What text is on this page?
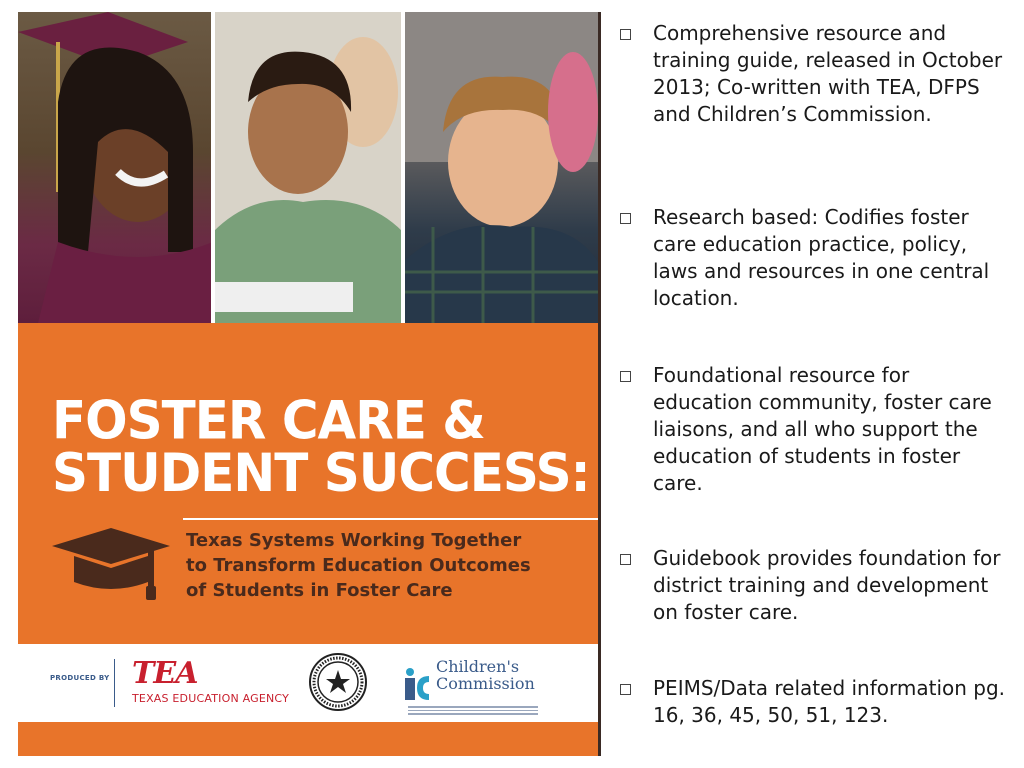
FOSTER CARE &
STUDENT SUCCESS:
Texas Systems Working Together
to Transform Education Outcomes
of Students in Foster Care
PRODUCED BY TEA
TEXAS EDUCATION AGENCY
Children's
Commission
Comprehensive resource and training guide, released in October 2013; Co-written with TEA, DFPS and Children’s Commission.
Research based: Codifies foster care education practice, policy, laws and resources in one central location.
Foundational resource for education community, foster care liaisons, and all who support the education of students in foster care.
Guidebook provides foundation for district training and development on foster care.
PEIMS/Data related information pg. 16, 36, 45, 50, 51, 123.
